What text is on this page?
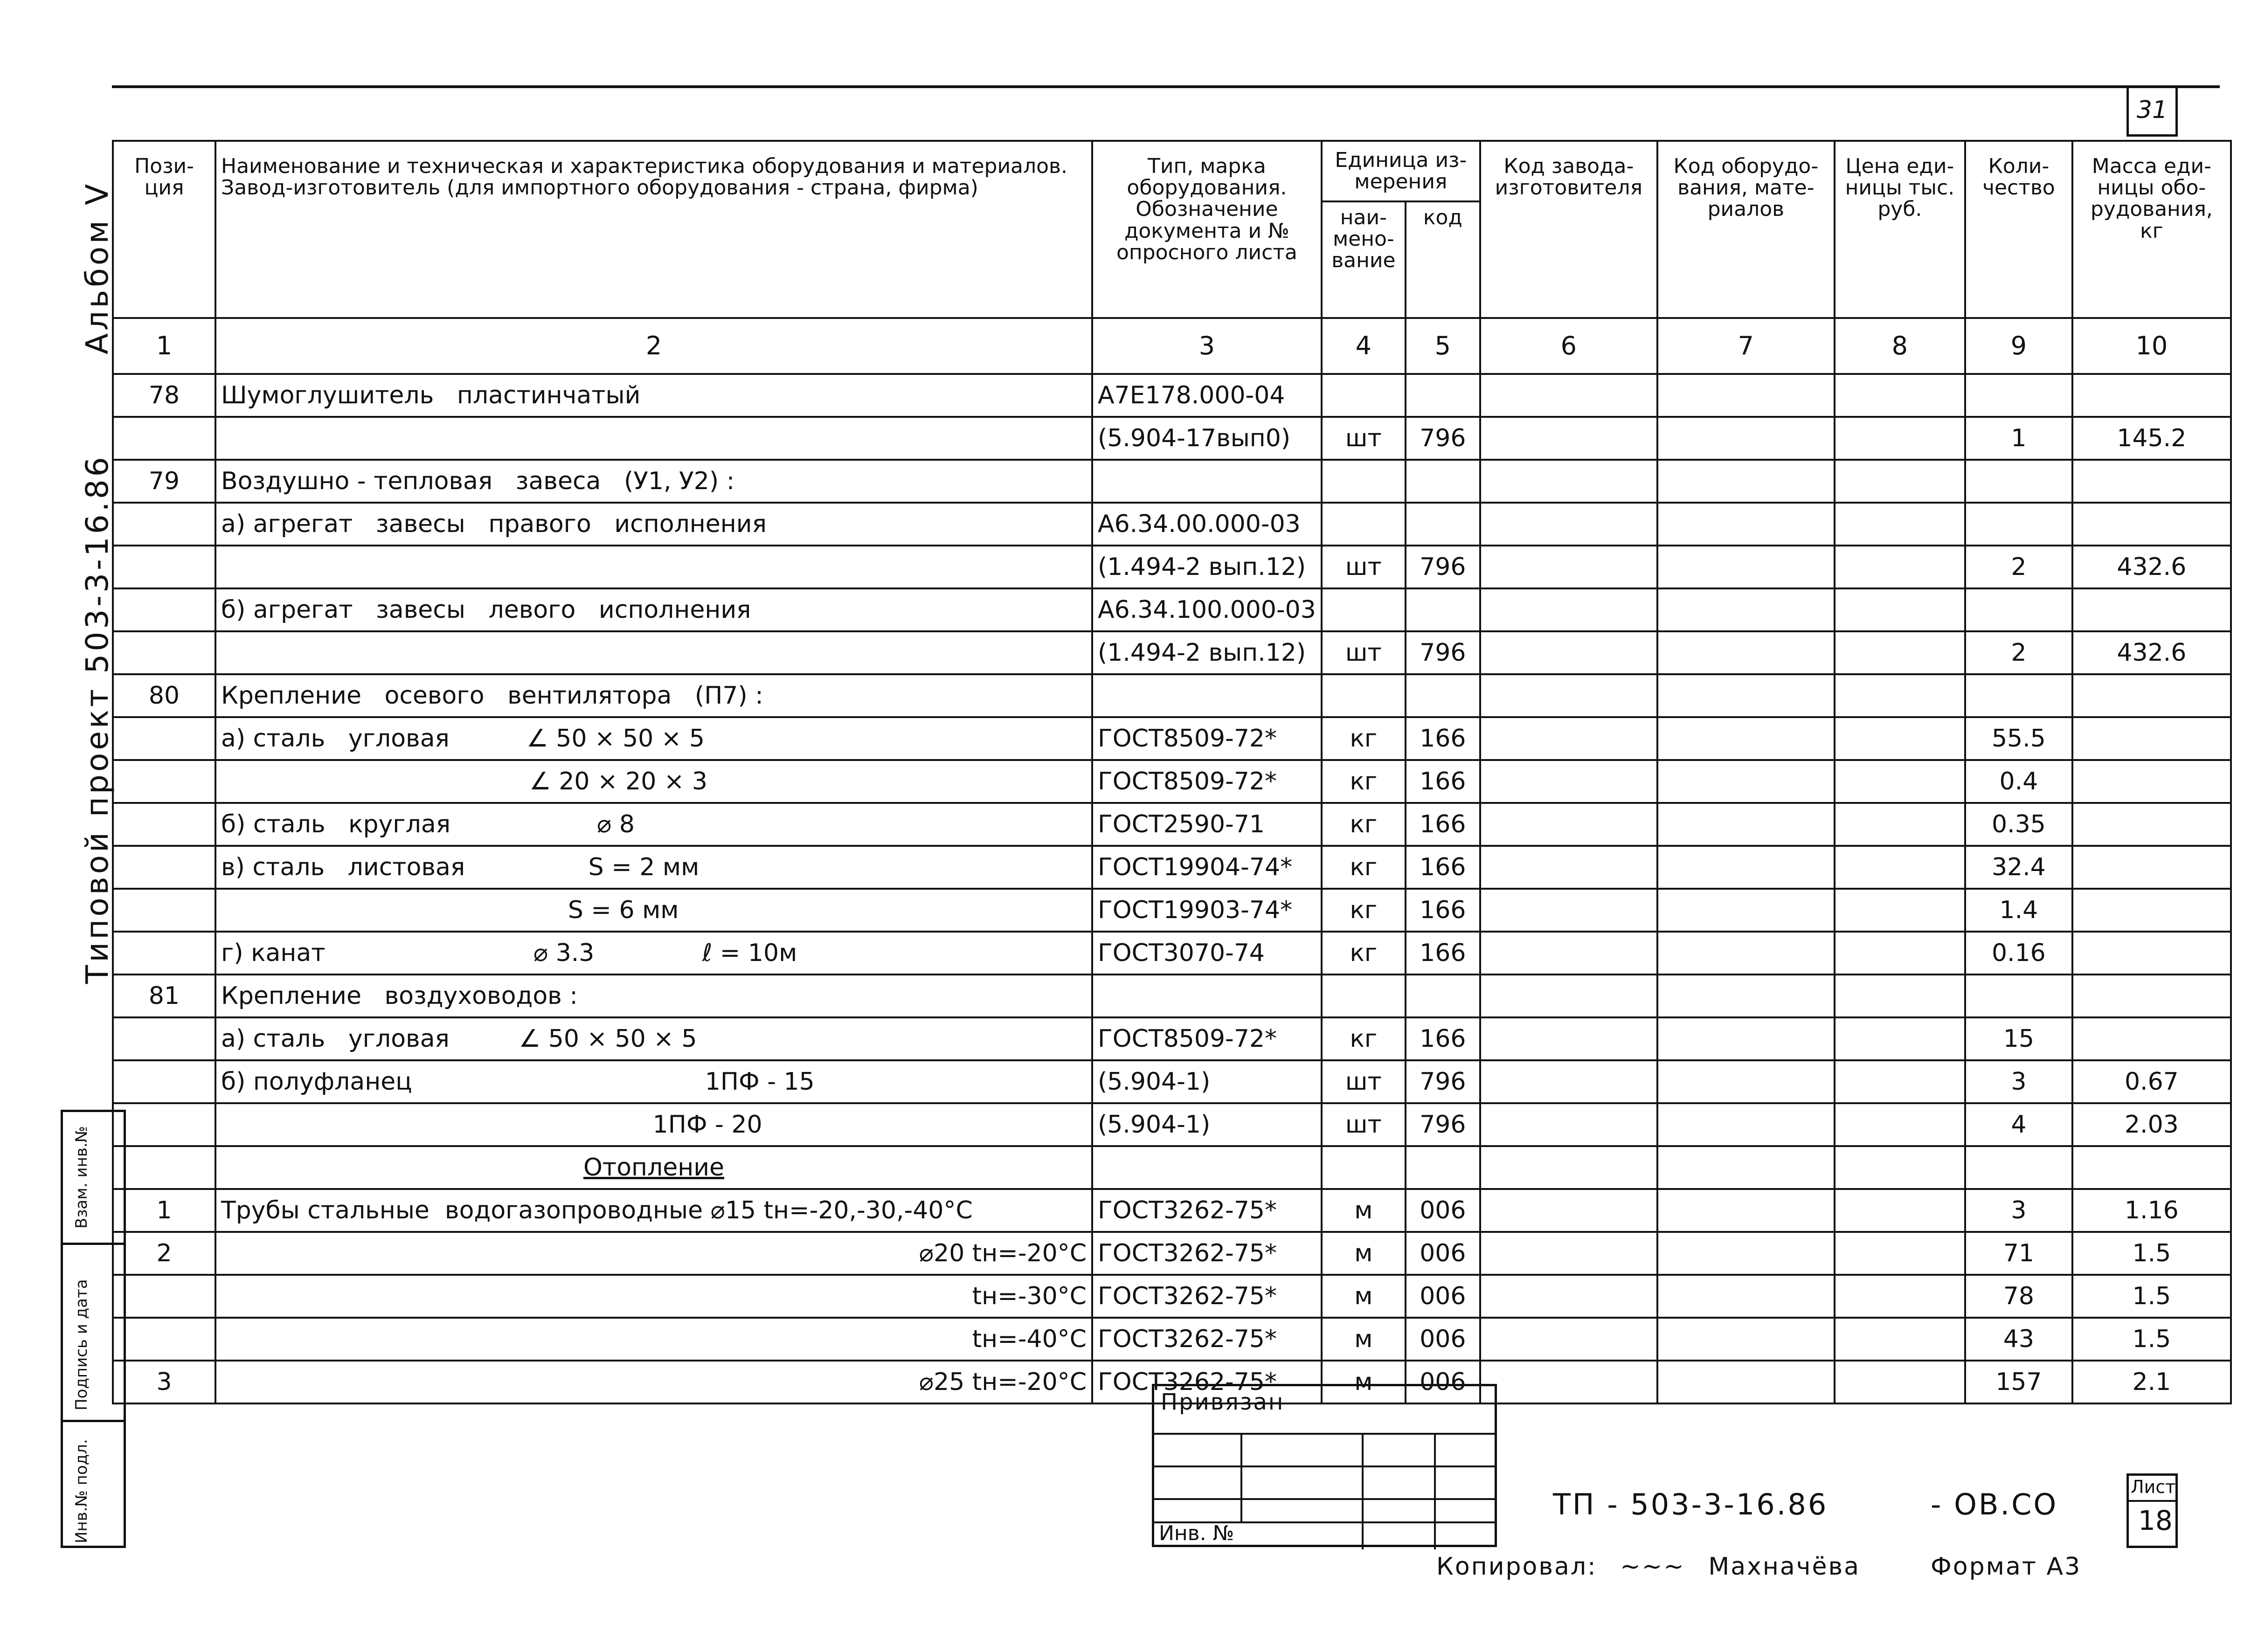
31
Альбом V
Типовой проект 503-3-16.86
Взам. инв.№
Подпись и дата
Инв.№ подл.
Пози-ция	Наименование и техническая и характеристика оборудования и материалов. Завод-изготовитель (для импортного оборудования - страна, фирма)	Тип, марка оборудования. Обозначение документа и № опросного листа	Единица из-мерения		Код завода-изготовителя	Код оборудо-вания, мате-риалов	Цена еди-ницы тыс. руб.	Коли-чество	Масса еди-ницы обо-рудования, кг
			наи-мено-вание	код					
1	2	3	4	5	6	7	8	9	10
78	Шумоглушитель   пластинчатый	А7Е178.000-04							
		(5.904-17вып0)	шт	796				1	145.2
79	Воздушно - тепловая   завеса   (У1, У2) :								
	а) агрегат   завесы   правого   исполнения	А6.34.00.000-03							
		(1.494-2 вып.12)	шт	796				2	432.6
	б) агрегат   завесы   левого   исполнения	А6.34.100.000-03							
		(1.494-2 вып.12)	шт	796				2	432.6
80	Крепление   осевого   вентилятора   (П7) :								
	а) сталь   угловая          ∠ 50 × 50 × 5	ГОСТ8509-72*	кг	166				55.5	
	∠ 20 × 20 × 3	ГОСТ8509-72*	кг	166				0.4	
	б) сталь   круглая                   ⌀ 8	ГОСТ2590-71	кг	166				0.35	
	в) сталь   листовая                S = 2 мм	ГОСТ19904-74*	кг	166				32.4	
	S = 6 мм	ГОСТ19903-74*	кг	166				1.4	
	г) канат                           ⌀ 3.3              ℓ = 10м	ГОСТ3070-74	кг	166				0.16	
81	Крепление   воздуховодов :								
	а) сталь   угловая         ∠ 50 × 50 × 5	ГОСТ8509-72*	кг	166				15	
	б) полуфланец                                      1ПФ - 15	(5.904-1)	шт	796				3	0.67
	1ПФ - 20	(5.904-1)	шт	796				4	2.03
	Отопление								
1	Трубы стальные  водогазопроводные ⌀15 tн=-20,-30,-40°С	ГОСТ3262-75*	м	006				3	1.16
2	⌀20 tн=-20°С	ГОСТ3262-75*	м	006				71	1.5
	tн=-30°С	ГОСТ3262-75*	м	006				78	1.5
	tн=-40°С	ГОСТ3262-75*	м	006				43	1.5
3	⌀25 tн=-20°С	ГОСТ3262-75*	м	006				157	2.1
Привязан
Инв. №
ТП - 503-3-16.86	- ОВ.СО
Лист
18
Копировал: ~~~ Махначёва	Формат А3
